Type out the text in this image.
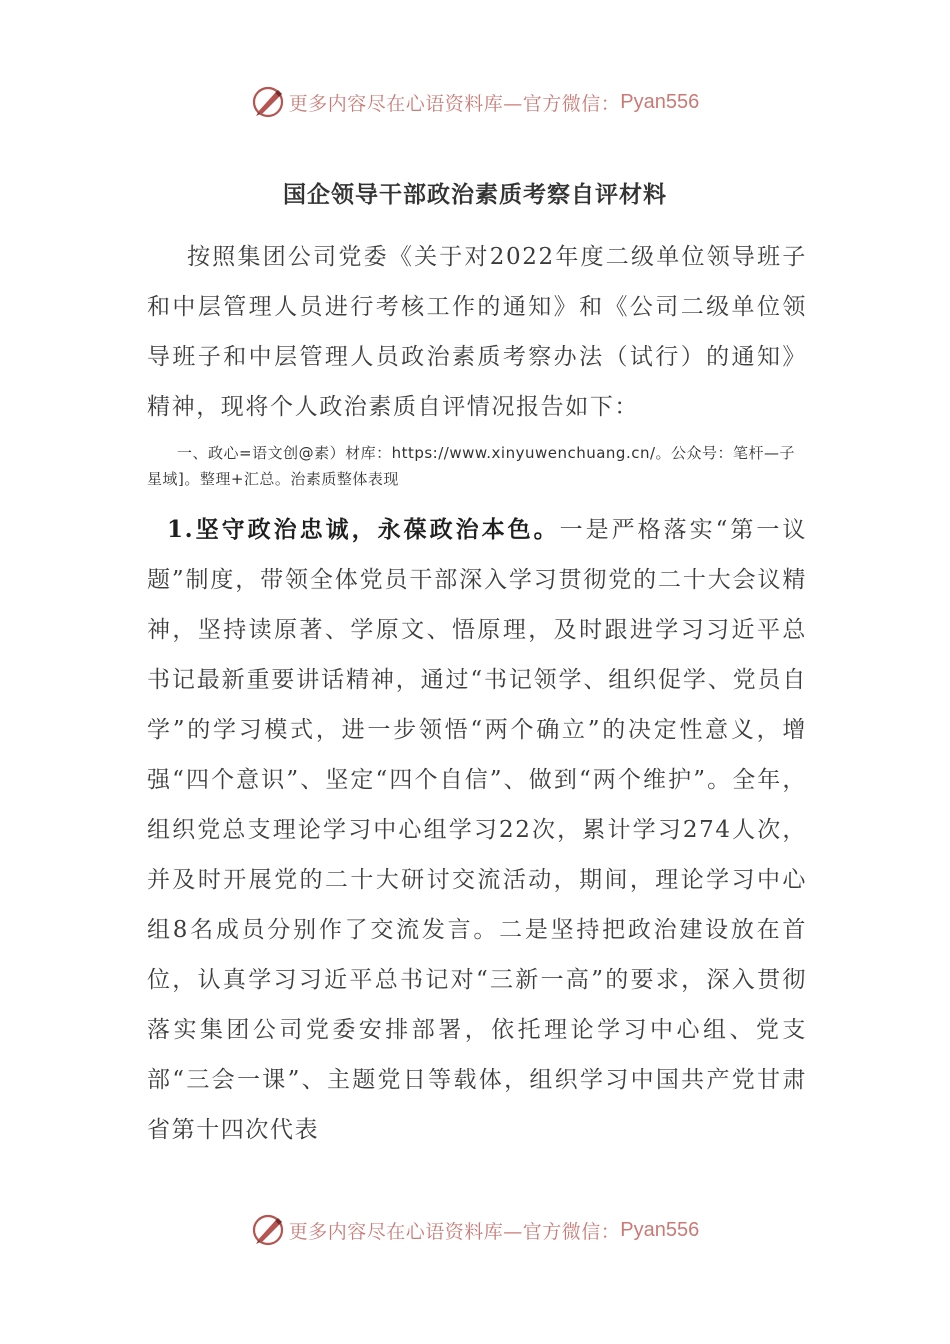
更多内容尽在心语资料库—官方微信： Pyan556
国企领导干部政治素质考察自评材料

按照集团公司党委《关于对2022年度二级单位领导班子和中层管理人员进行考核工作的通知》和《公司二级单位领导班子和中层管理人员政治素质考察办法（试行）的通知》精神，现将个人政治素质自评情况报告如下：

一、政心=语文创@素）材库：https://www.xinyuwenchuang.cn/。公众号：笔杆—子星域]。整理+汇总。治素质整体表现

1.坚守政治忠诚，永葆政治本色。一是严格落实“第一议题”制度，带领全体党员干部深入学习贯彻党的二十大会议精神，坚持读原著、学原文、悟原理，及时跟进学习习近平总书记最新重要讲话精神，通过“书记领学、组织促学、党员自学”的学习模式，进一步领悟“两个确立”的决定性意义，增强“四个意识”、坚定“四个自信”、做到“两个维护”。全年，组织党总支理论学习中心组学习22次，累计学习274人次，并及时开展党的二十大研讨交流活动，期间，理论学习中心组8名成员分别作了交流发言。二是坚持把政治建设放在首位，认真学习习近平总书记对“三新一高”的要求，深入贯彻落实集团公司党委安排部署，依托理论学习中心组、党支部“三会一课”、主题党日等载体，组织学习中国共产党甘肃省第十四次代表

更多内容尽在心语资料库—官方微信： Pyan556
